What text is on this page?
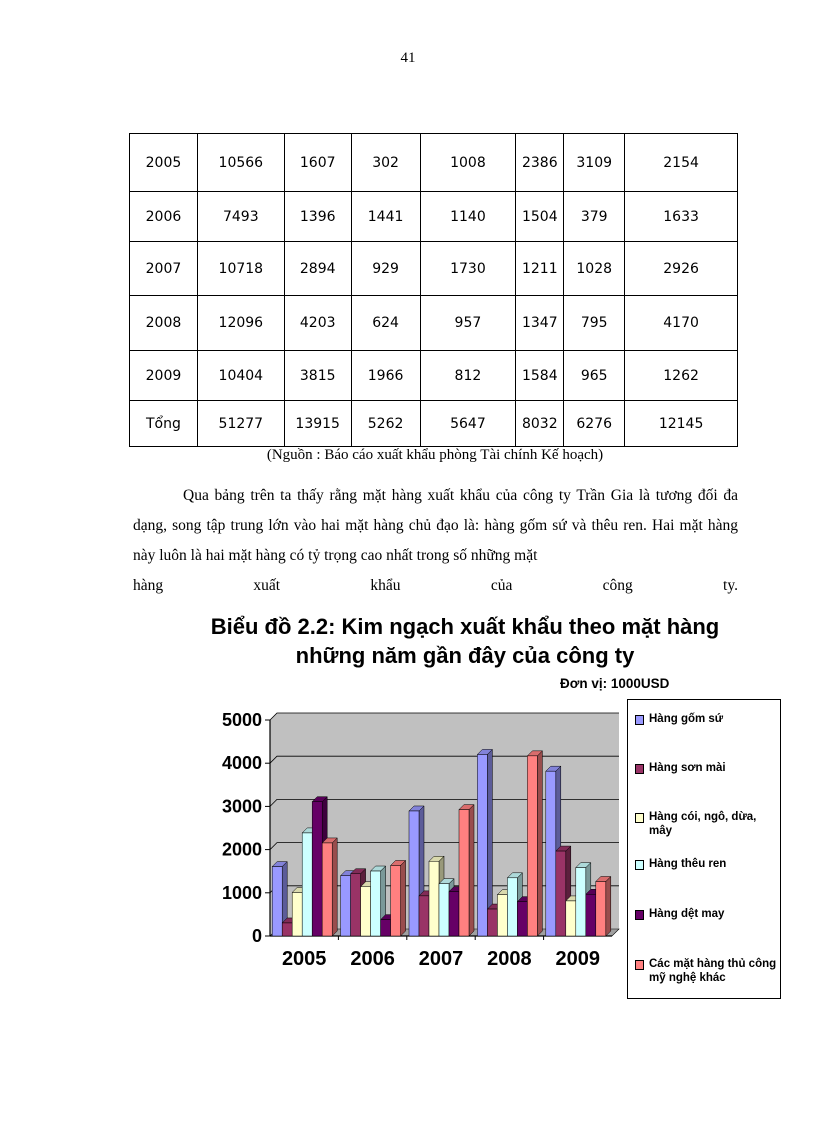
41
2005	10566	1607	302	1008	2386	3109	2154
2006	7493	1396	1441	1140	1504	379	1633
2007	10718	2894	929	1730	1211	1028	2926
2008	12096	4203	624	957	1347	795	4170
2009	10404	3815	1966	812	1584	965	1262
Tổng	51277	13915	5262	5647	8032	6276	12145
(Nguồn : Báo cáo xuất khẩu phòng Tài chính Kế hoạch)

Qua bảng trên ta thấy rằng mặt hàng xuất khẩu của công ty Trần Gia là tương đối đa dạng, song tập trung lớn vào hai mặt hàng chủ đạo là: hàng gốm sứ và thêu ren. Hai mặt hàng này luôn là hai mặt hàng có tỷ trọng cao nhất trong số những mặt

hàng	xuất	khẩu	của	công	ty.
Biểu đồ 2.2: Kim ngạch xuất khẩu theo mặt hàng những năm gần đây của công ty
Đơn vị: 1000USD
0
1000
2000
3000
4000
5000
2005 2006 2007 2008 2009
Hàng gốm sứ
Hàng sơn mài
Hàng cói, ngô, dừa, mây
Hàng thêu ren
Hàng dệt may
Các mặt hàng thủ công mỹ nghệ khác
